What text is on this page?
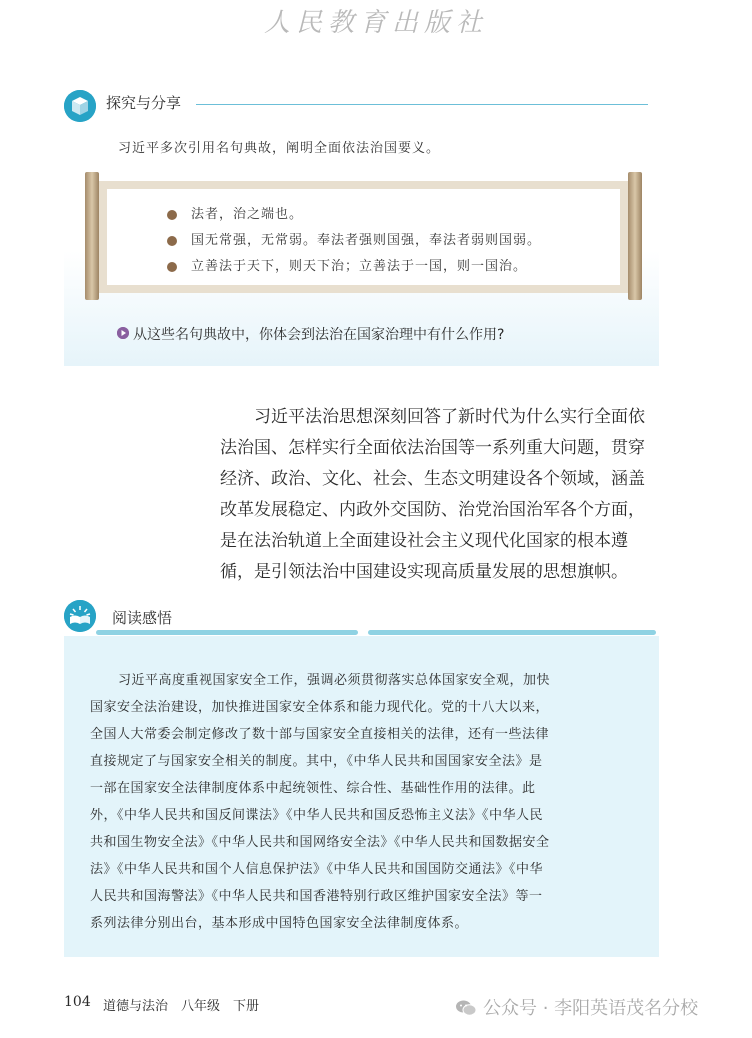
人民教育出版社
探究与分享
习近平多次引用名句典故，阐明全面依法治国要义。
法者，治之端也。
国无常强，无常弱。奉法者强则国强，奉法者弱则国弱。
立善法于天下，则天下治；立善法于一国，则一国治。
从这些名句典故中，你体会到法治在国家治理中有什么作用?
习近平法治思想深刻回答了新时代为什么实行全面依
法治国、怎样实行全面依法治国等一系列重大问题，贯穿
经济、政治、文化、社会、生态文明建设各个领域，涵盖
改革发展稳定、内政外交国防、治党治国治军各个方面，
是在法治轨道上全面建设社会主义现代化国家的根本遵
循，是引领法治中国建设实现高质量发展的思想旗帜。
阅读感悟
习近平高度重视国家安全工作，强调必须贯彻落实总体国家安全观，加快
国家安全法治建设，加快推进国家安全体系和能力现代化。党的十八大以来，
全国人大常委会制定修改了数十部与国家安全直接相关的法律，还有一些法律
直接规定了与国家安全相关的制度。其中，《中华人民共和国国家安全法》是
一部在国家安全法律制度体系中起统领性、综合性、基础性作用的法律。此
外，《中华人民共和国反间谍法》《中华人民共和国反恐怖主义法》《中华人民
共和国生物安全法》《中华人民共和国网络安全法》《中华人民共和国数据安全
法》《中华人民共和国个人信息保护法》《中华人民共和国国防交通法》《中华
人民共和国海警法》《中华人民共和国香港特别行政区维护国家安全法》等一
系列法律分别出台，基本形成中国特色国家安全法律制度体系。
104 道德与法治　八年级　下册	公众号 · 李阳英语茂名分校
